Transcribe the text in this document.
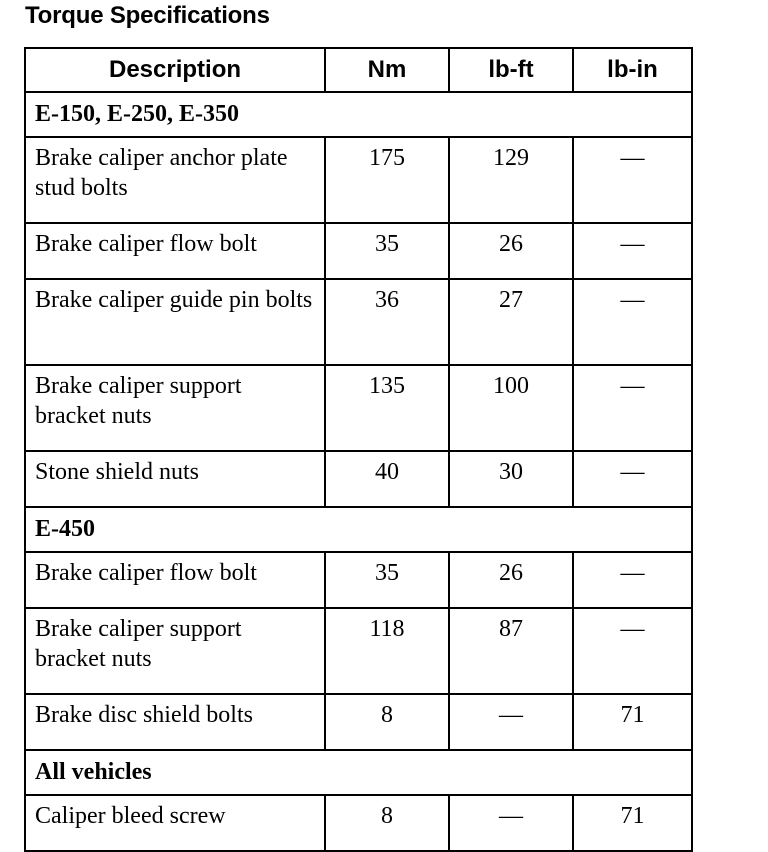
Torque Specifications
Description	Nm	lb-ft	lb-in
E-150, E-250, E-350			
Brake caliper anchor plate stud bolts	175	129	—
Brake caliper flow bolt	35	26	—
Brake caliper guide pin bolts	36	27	—
Brake caliper support bracket nuts	135	100	—
Stone shield nuts	40	30	—
E-450			
Brake caliper flow bolt	35	26	—
Brake caliper support bracket nuts	118	87	—
Brake disc shield bolts	8	—	71
All vehicles			
Caliper bleed screw	8	—	71
